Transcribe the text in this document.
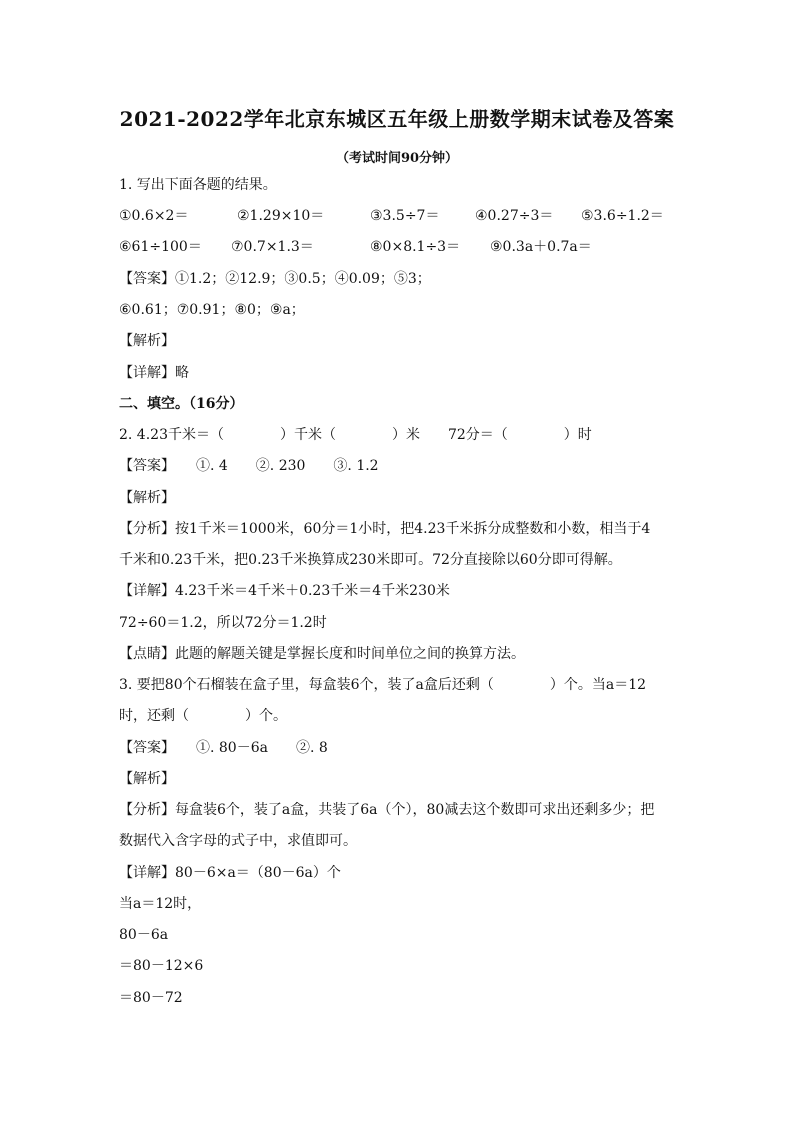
2021-2022学年北京东城区五年级上册数学期末试卷及答案
（考试时间90分钟）
1. 写出下面各题的结果。
①0.6×2＝	②1.29×10＝	③3.5÷7＝	④0.27÷3＝ ⑤3.6÷1.2＝
⑥61÷100＝ ⑦0.7×1.3＝	⑧0×8.1÷3＝ ⑨0.3a＋0.7a＝
【答案】①1.2；②12.9；③0.5；④0.09；⑤3；
⑥0.61；⑦0.91；⑧0；⑨a；
【解析】
【详解】略
二、填空。（16分）
2. 4.23千米＝（　　　　）千米（　　　　）米　　72分＝（　　　　）时
【答案】　　①. 4　　②. 230　　③. 1.2
【解析】
【分析】按1千米＝1000米，60分＝1小时，把4.23千米拆分成整数和小数，相当于4
千米和0.23千米，把0.23千米换算成230米即可。72分直接除以60分即可得解。
【详解】4.23千米＝4千米＋0.23千米＝4千米230米
72÷60＝1.2，所以72分＝1.2时
【点睛】此题的解题关键是掌握长度和时间单位之间的换算方法。
3. 要把80个石榴装在盒子里，每盒装6个，装了a盒后还剩（　　　　）个。当a＝12
时，还剩（　　　　）个。
【答案】　　①. 80－6a　　②. 8
【解析】
【分析】每盒装6个，装了a盒，共装了6a（个），80减去这个数即可求出还剩多少；把
数据代入含字母的式子中，求值即可。
【详解】80－6×a＝（80－6a）个
当a＝12时，
80－6a
＝80－12×6
＝80－72
